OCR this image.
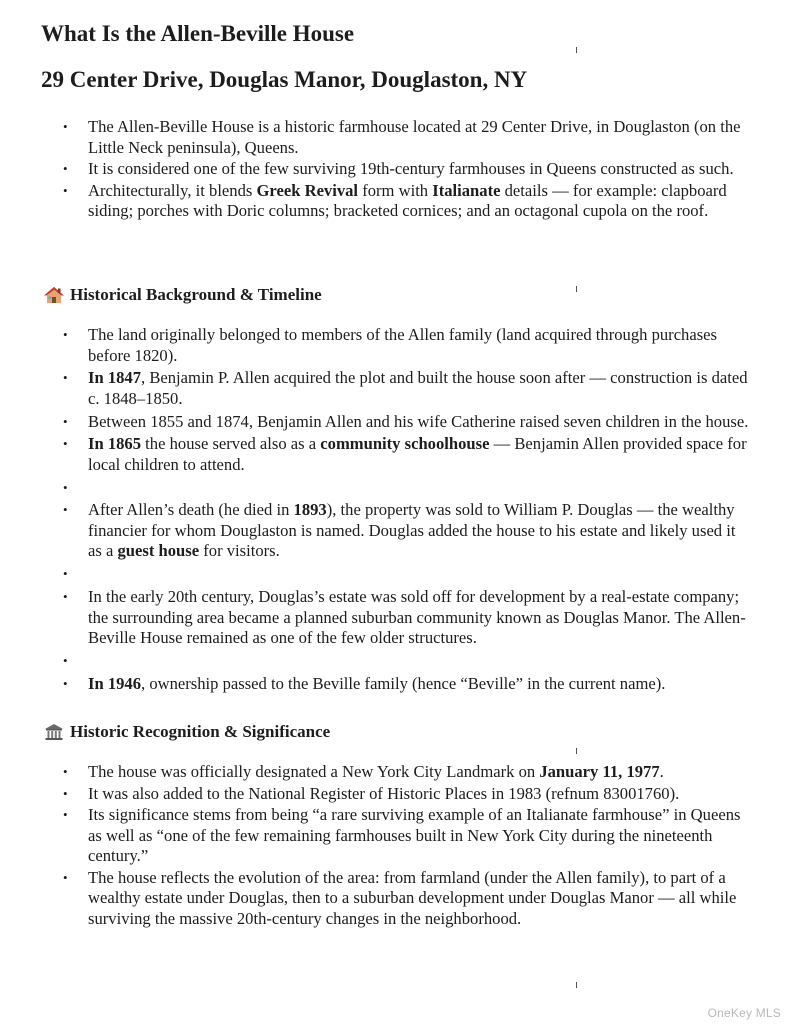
What Is the Allen-Beville House
29 Center Drive, Douglas Manor, Douglaston, NY
• The Allen-Beville House is a historic farmhouse located at 29 Center Drive, in Douglaston (on the Little Neck peninsula), Queens.
• It is considered one of the few surviving 19th-century farmhouses in Queens constructed as such.
• Architecturally, it blends Greek Revival form with Italianate details — for example: clapboard siding; porches with Doric columns; bracketed cornices; and an octagonal cupola on the roof.
Historical Background & Timeline
• The land originally belonged to members of the Allen family (land acquired through purchases before 1820).
• In 1847, Benjamin P. Allen acquired the plot and built the house soon after — construction is dated c. 1848–1850.
• Between 1855 and 1874, Benjamin Allen and his wife Catherine raised seven children in the house.
• In 1865 the house served also as a community schoolhouse — Benjamin Allen provided space for local children to attend.
•
• After Allen’s death (he died in 1893), the property was sold to William P. Douglas — the wealthy financier for whom Douglaston is named. Douglas added the house to his estate and likely used it as a guest house for visitors.
•
• In the early 20th century, Douglas’s estate was sold off for development by a real-estate company; the surrounding area became a planned suburban community known as Douglas Manor. The Allen-Beville House remained as one of the few older structures.
•
• In 1946, ownership passed to the Beville family (hence “Beville” in the current name).
Historic Recognition & Significance
• The house was officially designated a New York City Landmark on January 11, 1977.
• It was also added to the National Register of Historic Places in 1983 (refnum 83001760).
• Its significance stems from being “a rare surviving example of an Italianate farmhouse” in Queens as well as “one of the few remaining farmhouses built in New York City during the nineteenth century.”
• The house reflects the evolution of the area: from farmland (under the Allen family), to part of a wealthy estate under Douglas, then to a suburban development under Douglas Manor — all while surviving the massive 20th-century changes in the neighborhood.
OneKey MLS
